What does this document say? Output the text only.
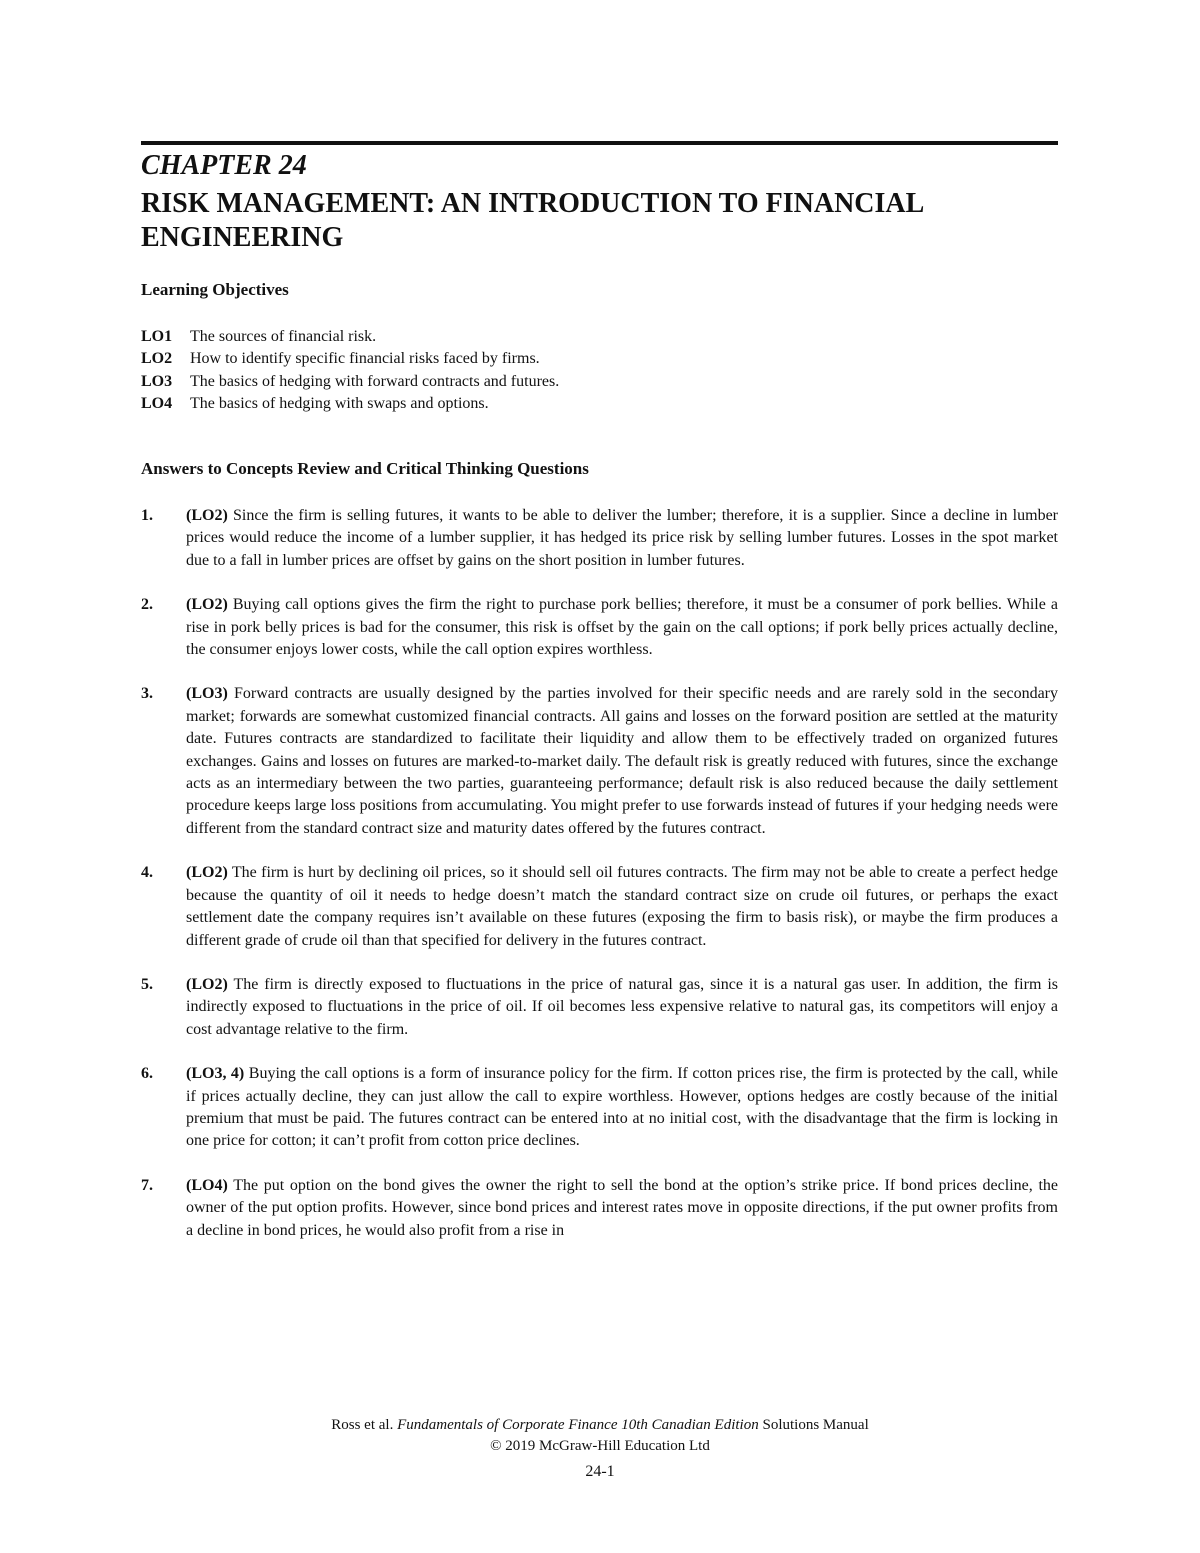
CHAPTER 24
RISK MANAGEMENT: AN INTRODUCTION TO FINANCIAL ENGINEERING
Learning Objectives
LO1 The sources of financial risk.
LO2 How to identify specific financial risks faced by firms.
LO3 The basics of hedging with forward contracts and futures.
LO4 The basics of hedging with swaps and options.
Answers to Concepts Review and Critical Thinking Questions
1. (LO2) Since the firm is selling futures, it wants to be able to deliver the lumber; therefore, it is a supplier. Since a decline in lumber prices would reduce the income of a lumber supplier, it has hedged its price risk by selling lumber futures. Losses in the spot market due to a fall in lumber prices are offset by gains on the short position in lumber futures.
2. (LO2) Buying call options gives the firm the right to purchase pork bellies; therefore, it must be a consumer of pork bellies. While a rise in pork belly prices is bad for the consumer, this risk is offset by the gain on the call options; if pork belly prices actually decline, the consumer enjoys lower costs, while the call option expires worthless.
3. (LO3) Forward contracts are usually designed by the parties involved for their specific needs and are rarely sold in the secondary market; forwards are somewhat customized financial contracts. All gains and losses on the forward position are settled at the maturity date. Futures contracts are standardized to facilitate their liquidity and allow them to be effectively traded on organized futures exchanges. Gains and losses on futures are marked-to-market daily. The default risk is greatly reduced with futures, since the exchange acts as an intermediary between the two parties, guaranteeing performance; default risk is also reduced because the daily settlement procedure keeps large loss positions from accumulating. You might prefer to use forwards instead of futures if your hedging needs were different from the standard contract size and maturity dates offered by the futures contract.
4. (LO2) The firm is hurt by declining oil prices, so it should sell oil futures contracts. The firm may not be able to create a perfect hedge because the quantity of oil it needs to hedge doesn’t match the standard contract size on crude oil futures, or perhaps the exact settlement date the company requires isn’t available on these futures (exposing the firm to basis risk), or maybe the firm produces a different grade of crude oil than that specified for delivery in the futures contract.
5. (LO2) The firm is directly exposed to fluctuations in the price of natural gas, since it is a natural gas user. In addition, the firm is indirectly exposed to fluctuations in the price of oil. If oil becomes less expensive relative to natural gas, its competitors will enjoy a cost advantage relative to the firm.
6. (LO3, 4) Buying the call options is a form of insurance policy for the firm. If cotton prices rise, the firm is protected by the call, while if prices actually decline, they can just allow the call to expire worthless. However, options hedges are costly because of the initial premium that must be paid. The futures contract can be entered into at no initial cost, with the disadvantage that the firm is locking in one price for cotton; it can’t profit from cotton price declines.
7. (LO4) The put option on the bond gives the owner the right to sell the bond at the option’s strike price. If bond prices decline, the owner of the put option profits. However, since bond prices and interest rates move in opposite directions, if the put owner profits from a decline in bond prices, he would also profit from a rise in
Ross et al. Fundamentals of Corporate Finance 10th Canadian Edition Solutions Manual
© 2019 McGraw-Hill Education Ltd
24-1
